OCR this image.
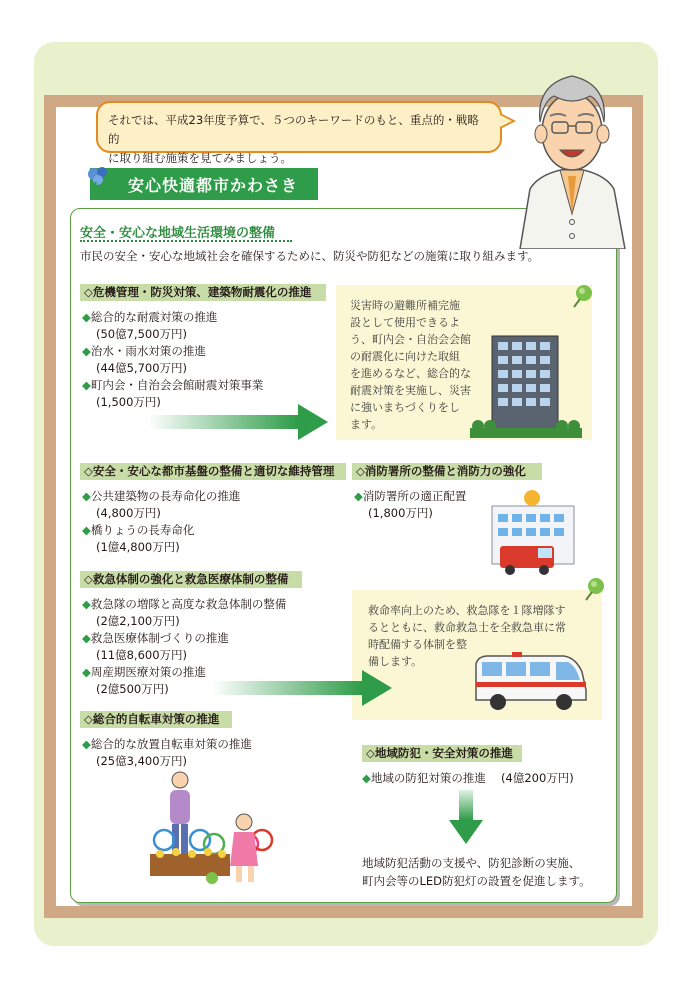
それでは、平成23年度予算で、５つのキーワードのもと、重点的・戦略的
に取り組む施策を見てみましょう。
安心快適都市かわさき
安全・安心な地域生活環境の整備
市民の安全・安心な地域社会を確保するために、防災や防犯などの施策に取り組みます。
◇危機管理・防災対策、建築物耐震化の推進
◆総合的な耐震対策の推進
(50億7,500万円)
◆治水・雨水対策の推進
(44億5,700万円)
◆町内会・自治会会館耐震対策事業
(1,500万円)
災害時の避難所補完施
設として使用できるよ
う、町内会・自治会会館
の耐震化に向けた取組
を進めるなど、総合的な
耐震対策を実施し、災害
に強いまちづくりをし
ます。
◇安全・安心な都市基盤の整備と適切な維持管理
◆公共建築物の長寿命化の推進
(4,800万円)
◆橋りょうの長寿命化
(1億4,800万円)
◇消防署所の整備と消防力の強化
◆消防署所の適正配置
(1,800万円)
◇救急体制の強化と救急医療体制の整備
◆救急隊の増隊と高度な救急体制の整備
(2億2,100万円)
◆救急医療体制づくりの推進
(11億8,600万円)
◆周産期医療対策の推進
(2億500万円)
救命率向上のため、救急隊を１隊増隊す
るとともに、救命救急士を全救急車に常
時配備する体制を整
備します。
◇総合的自転車対策の推進
◆総合的な放置自転車対策の推進
(25億3,400万円)
◇地域防犯・安全対策の推進
◆地域の防犯対策の推進　 (4億200万円)
地域防犯活動の支援や、防犯診断の実施、
町内会等のLED防犯灯の設置を促進します。
